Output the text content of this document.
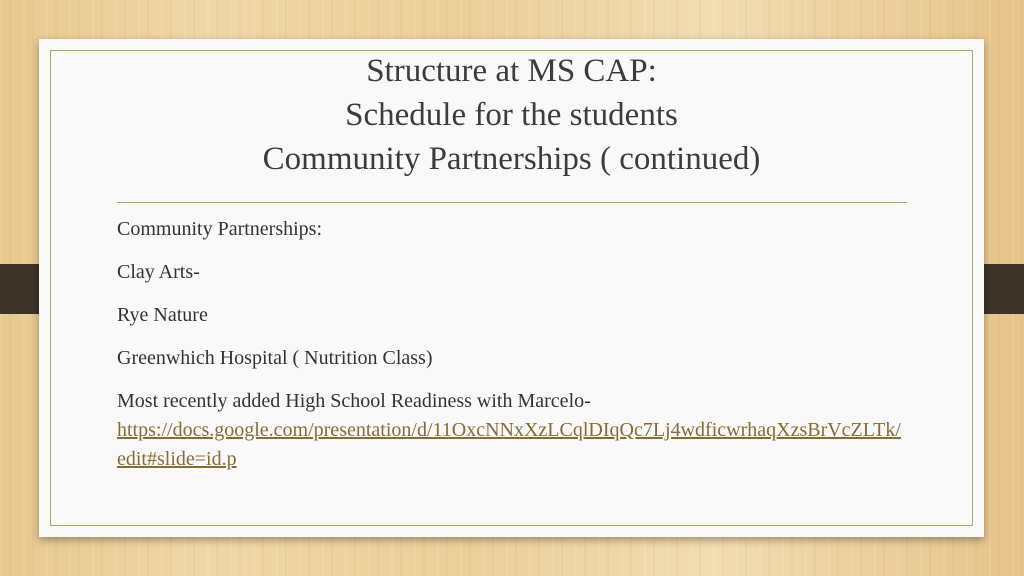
Structure at MS CAP:
Schedule for the students
Community Partnerships ( continued)

Community Partnerships:

Clay Arts-

Rye Nature

Greenwhich Hospital ( Nutrition Class)

Most recently added High School Readiness with Marcelo-
https://docs.google.com/presentation/d/11OxcNNxXzLCqlDIqQc7Lj4wdficwrhaqXzsBrVcZLTk/edit#slide=id.p
